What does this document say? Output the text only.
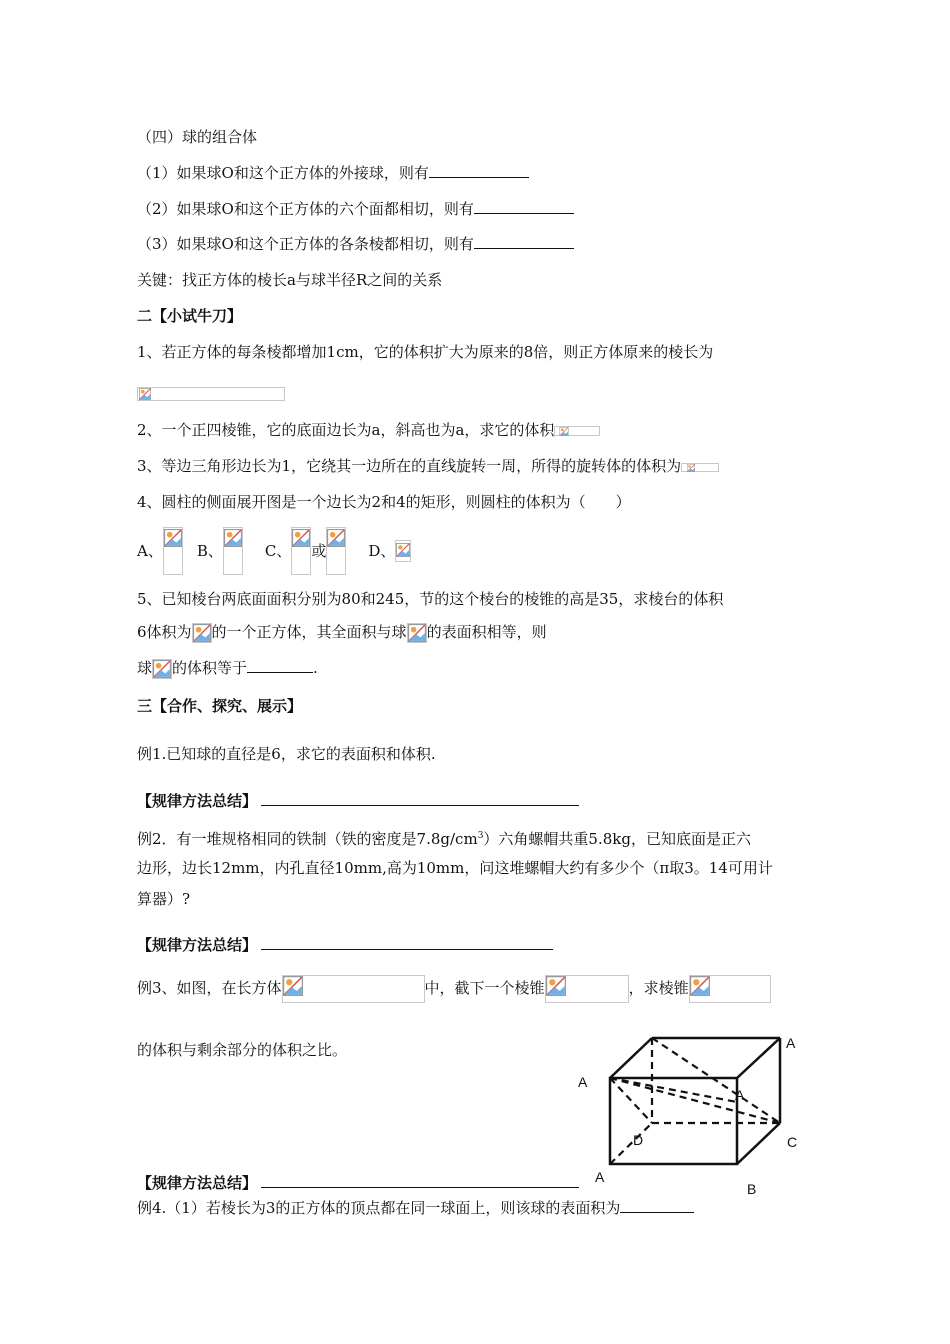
（四）球的组合体
（1）如果球O和这个正方体的外接球，则有
（2）如果球O和这个正方体的六个面都相切，则有
（3）如果球O和这个正方体的各条棱都相切，则有
关键：找正方体的棱长a与球半径R之间的关系
二【小试牛刀】
1、若正方体的每条棱都增加1cm，它的体积扩大为原来的8倍，则正方体原来的棱长为
2、一个正四棱锥，它的底面边长为a，斜高也为a，求它的体积
3、等边三角形边长为1，它绕其一边所在的直线旋转一周，所得的旋转体的体积为
4、圆柱的侧面展开图是一个边长为2和4的矩形，则圆柱的体积为（　　）
A、 B、	C、 或	D、
5、已知棱台两底面面积分别为80和245，节的这个棱台的棱锥的高是35，求棱台的体积
6体积为 的一个正方体，其全面积与球 的表面积相等，则
球 的体积等于	.
三【合作、探究、展示】
例1.已知球的直径是6，求它的表面积和体积.
【规律方法总结】
例2．有一堆规格相同的铁制（铁的密度是$7.8g/cm^3$）六角螺帽共重5.8kg，已知底面是正六
边形，边长12mm，内孔直径10mm,高为10mm，问这堆螺帽大约有多少个（π取3。14可用计
算器）?
【规律方法总结】
例3、如图，在长方体	中，截下一个棱锥	，求棱锥
的体积与剩余部分的体积之比。	A
A
A
D	C
A
B
【规律方法总结】
例4.（1）若棱长为3的正方体的顶点都在同一球面上，则该球的表面积为
